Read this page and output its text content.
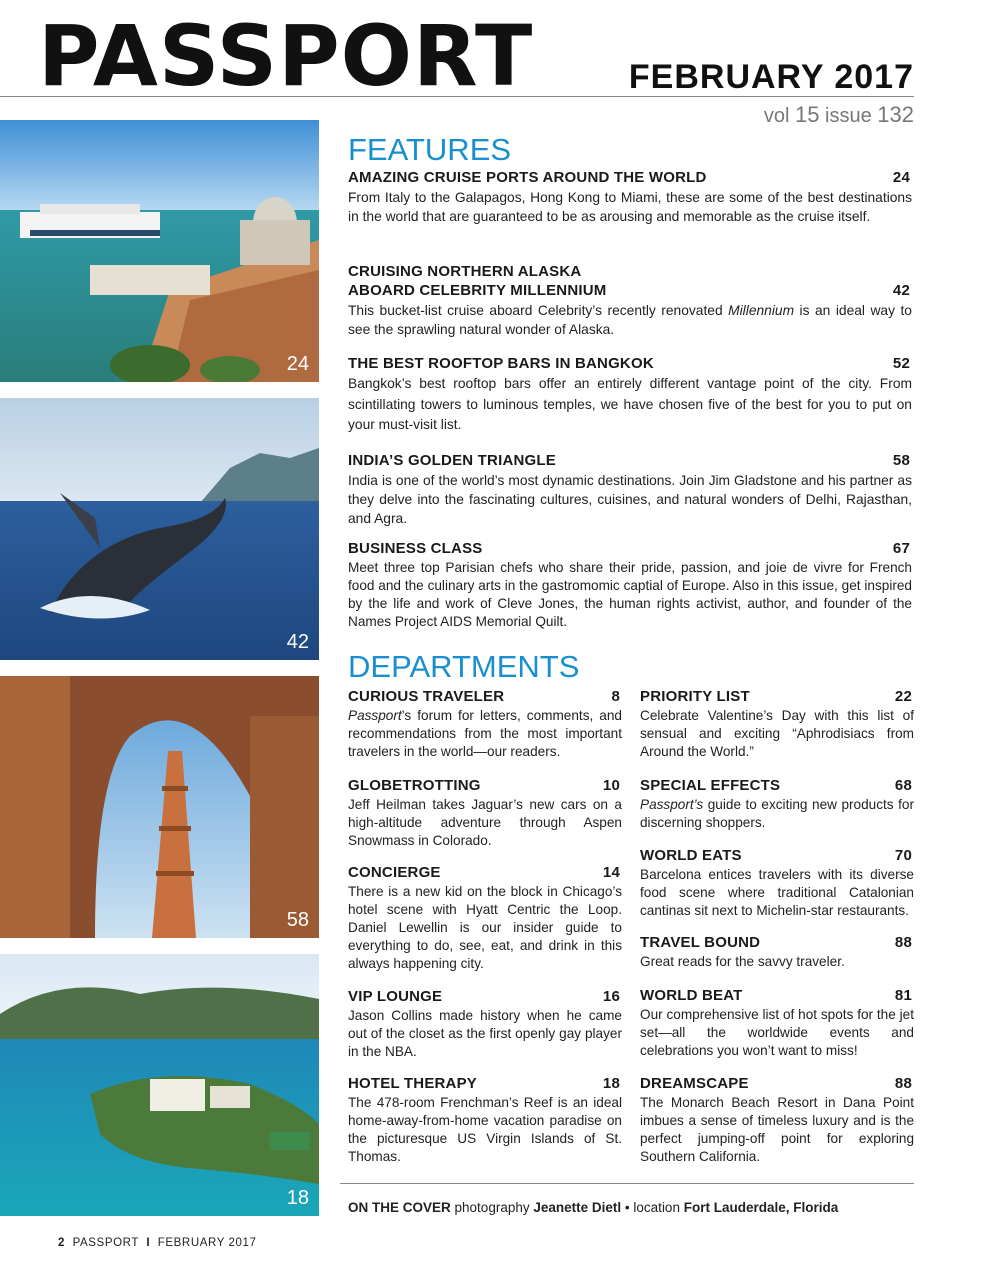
PASSPORT	FEBRUARY 2017
vol 15 issue 132
24
42
58
18
FEATURES
AMAZING CRUISE PORTS AROUND THE WORLD	24
From Italy to the Galapagos, Hong Kong to Miami, these are some of the best destinations in the world that are guaranteed to be as arousing and memorable as the cruise itself.
CRUISING NORTHERN ALASKA
ABOARD CELEBRITY MILLENNIUM	42
This bucket-list cruise aboard Celebrity’s recently renovated Millennium is an ideal way to see the sprawling natural wonder of Alaska.
THE BEST ROOFTOP BARS IN BANGKOK	52
Bangkok’s best rooftop bars offer an entirely different vantage point of the city. From scintillating towers to luminous temples, we have chosen five of the best for you to put on your must-visit list.
INDIA’S GOLDEN TRIANGLE	58
India is one of the world’s most dynamic destinations. Join Jim Gladstone and his partner as they delve into the fascinating cultures, cuisines, and natural wonders of Delhi, Rajasthan, and Agra.
BUSINESS CLASS	67
Meet three top Parisian chefs who share their pride, passion, and joie de vivre for French food and the culinary arts in the gastromomic captial of Europe. Also in this issue, get inspired by the life and work of Cleve Jones, the human rights activist, author, and founder of the Names Project AIDS Memorial Quilt.
DEPARTMENTS
CURIOUS TRAVELER	8
Passport’s forum for letters, comments, and recommendations from the most important travelers in the world—our readers.
GLOBETROTTING	10
Jeff Heilman takes Jaguar’s new cars on a high-altitude adventure through Aspen Snowmass in Colorado.
CONCIERGE	14
There is a new kid on the block in Chicago’s hotel scene with Hyatt Centric the Loop. Daniel Lewellin is our insider guide to everything to do, see, eat, and drink in this always happening city.
VIP LOUNGE	16
Jason Collins made history when he came out of the closet as the first openly gay player in the NBA.
HOTEL THERAPY	18
The 478-room Frenchman’s Reef is an ideal home-away-from-home vacation paradise on the picturesque US Virgin Islands of St. Thomas.
PRIORITY LIST	22
Celebrate Valentine’s Day with this list of sensual and exciting “Aphrodisiacs from Around the World.”
SPECIAL EFFECTS	68
Passport’s guide to exciting new products for discerning shoppers.
WORLD EATS	70
Barcelona entices travelers with its diverse food scene where traditional Catalonian cantinas sit next to Michelin-star restaurants.
TRAVEL BOUND	88
Great reads for the savvy traveler.
WORLD BEAT	81
Our comprehensive list of hot spots for the jet set—all the worldwide events and celebrations you won’t want to miss!
DREAMSCAPE	88
The Monarch Beach Resort in Dana Point imbues a sense of timeless luxury and is the perfect jumping-off point for exploring Southern California.
ON THE COVER photography Jeanette Dietl • location Fort Lauderdale, Florida
2 PASSPORT I FEBRUARY 2017
